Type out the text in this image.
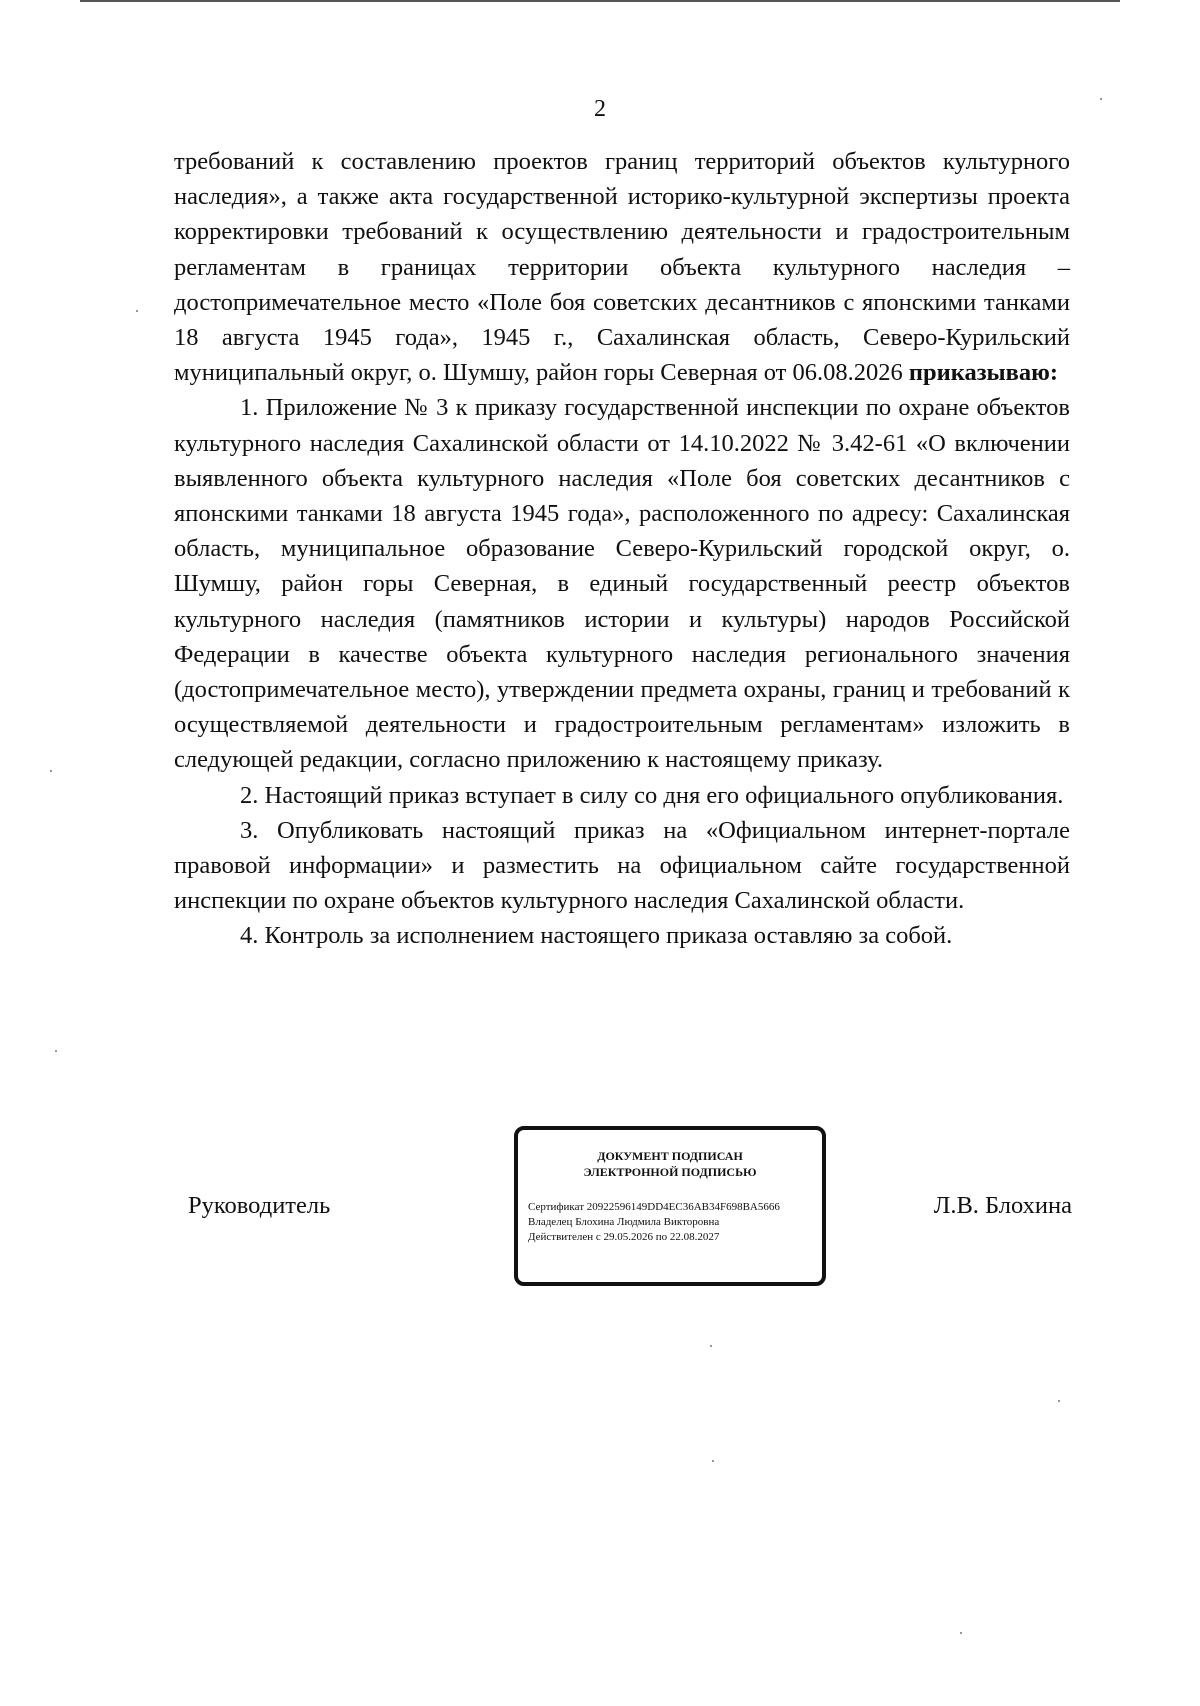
2

требований к составлению проектов границ территорий объектов культурного наследия», а также акта государственной историко-культурной экспертизы проекта корректировки требований к осуществлению деятельности и градостроительным регламентам в границах территории объекта культурного наследия – достопримечательное место «Поле боя советских десантников с японскими танками 18 августа 1945 года», 1945 г., Сахалинская область, Северо-Курильский муниципальный округ, о. Шумшу, район горы Северная от 06.08.2026 приказываю:

1. Приложение № 3 к приказу государственной инспекции по охране объектов культурного наследия Сахалинской области от 14.10.2022 № 3.42-61 «О включении выявленного объекта культурного наследия «Поле боя советских десантников с японскими танками 18 августа 1945 года», расположенного по адресу: Сахалинская область, муниципальное образование Северо-Курильский городской округ, о. Шумшу, район горы Северная, в единый государственный реестр объектов культурного наследия (памятников истории и культуры) народов Российской Федерации в качестве объекта культурного наследия регионального значения (достопримечательное место), утверждении предмета охраны, границ и требований к осуществляемой деятельности и градостроительным регламентам» изложить в следующей редакции, согласно приложению к настоящему приказу.

2. Настоящий приказ вступает в силу со дня его официального опубликования.

3. Опубликовать настоящий приказ на «Официальном интернет-портале правовой информации» и разместить на официальном сайте государственной инспекции по охране объектов культурного наследия Сахалинской области.

4. Контроль за исполнением настоящего приказа оставляю за собой.

Руководитель
ДОКУМЕНТ ПОДПИСАН
ЭЛЕКТРОННОЙ ПОДПИСЬЮ
Сертификат 20922596149DD4EC36AB34F698BA5666
Владелец Блохина Людмила Викторовна
Действителен с 29.05.2026 по 22.08.2027
Л.В. Блохина
